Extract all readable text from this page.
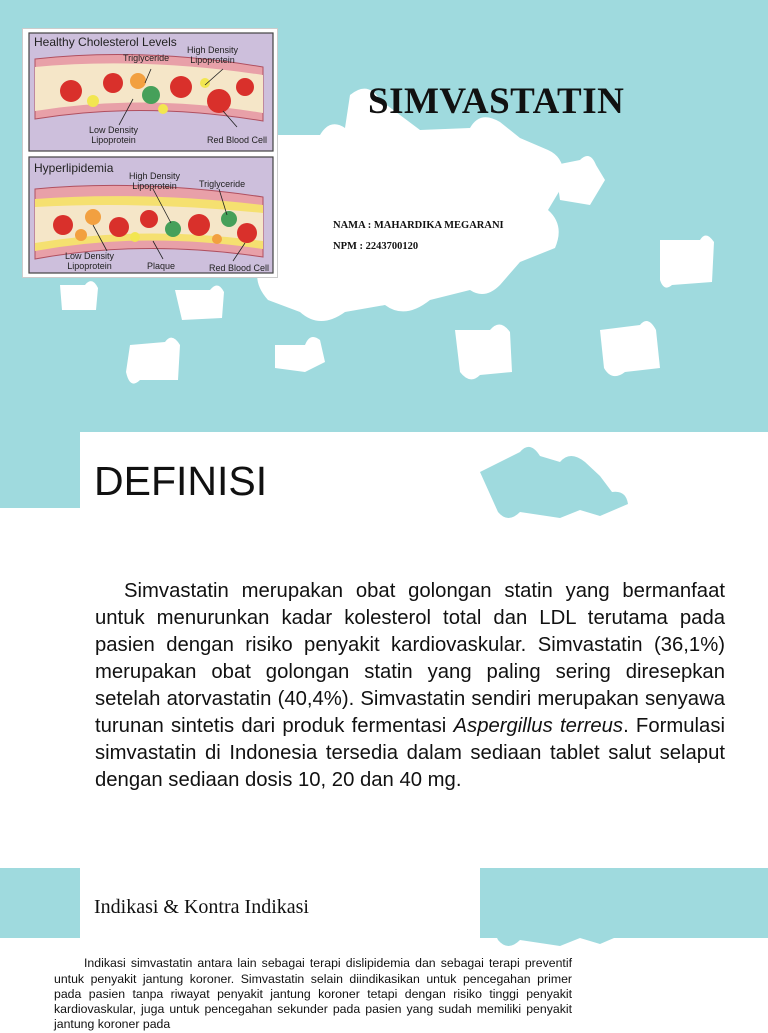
Healthy Cholesterol Levels
Triglyceride
High Density
Lipoprotein
Low Density
Lipoprotein	Red Blood Cell
Hyperlipidemia
High Density
Lipoprotein	Triglyceride
Low Density
Lipoprotein	Plaque	Red Blood Cell
SIMVASTATIN
NAMA : MAHARDIKA MEGARANI
NPM : 2243700120
DEFINISI

Simvastatin merupakan obat golongan statin yang bermanfaat untuk menurunkan kadar kolesterol total dan LDL terutama pada pasien dengan risiko penyakit kardiovaskular. Simvastatin (36,1%) merupakan obat golongan statin yang paling sering diresepkan setelah atorvastatin (40,4%). Simvastatin sendiri merupakan senyawa turunan sintetis dari produk fermentasi Aspergillus terreus. Formulasi simvastatin di Indonesia tersedia dalam sediaan tablet salut selaput dengan sediaan dosis 10, 20 dan 40 mg.

Indikasi & Kontra Indikasi

Indikasi simvastatin antara lain sebagai terapi dislipidemia dan sebagai terapi preventif untuk penyakit jantung koroner. Simvastatin selain diindikasikan untuk pencegahan primer pada pasien tanpa riwayat penyakit jantung koroner tetapi dengan risiko tinggi penyakit kardiovaskular, juga untuk pencegahan sekunder pada pasien yang sudah memiliki penyakit jantung koroner pada
